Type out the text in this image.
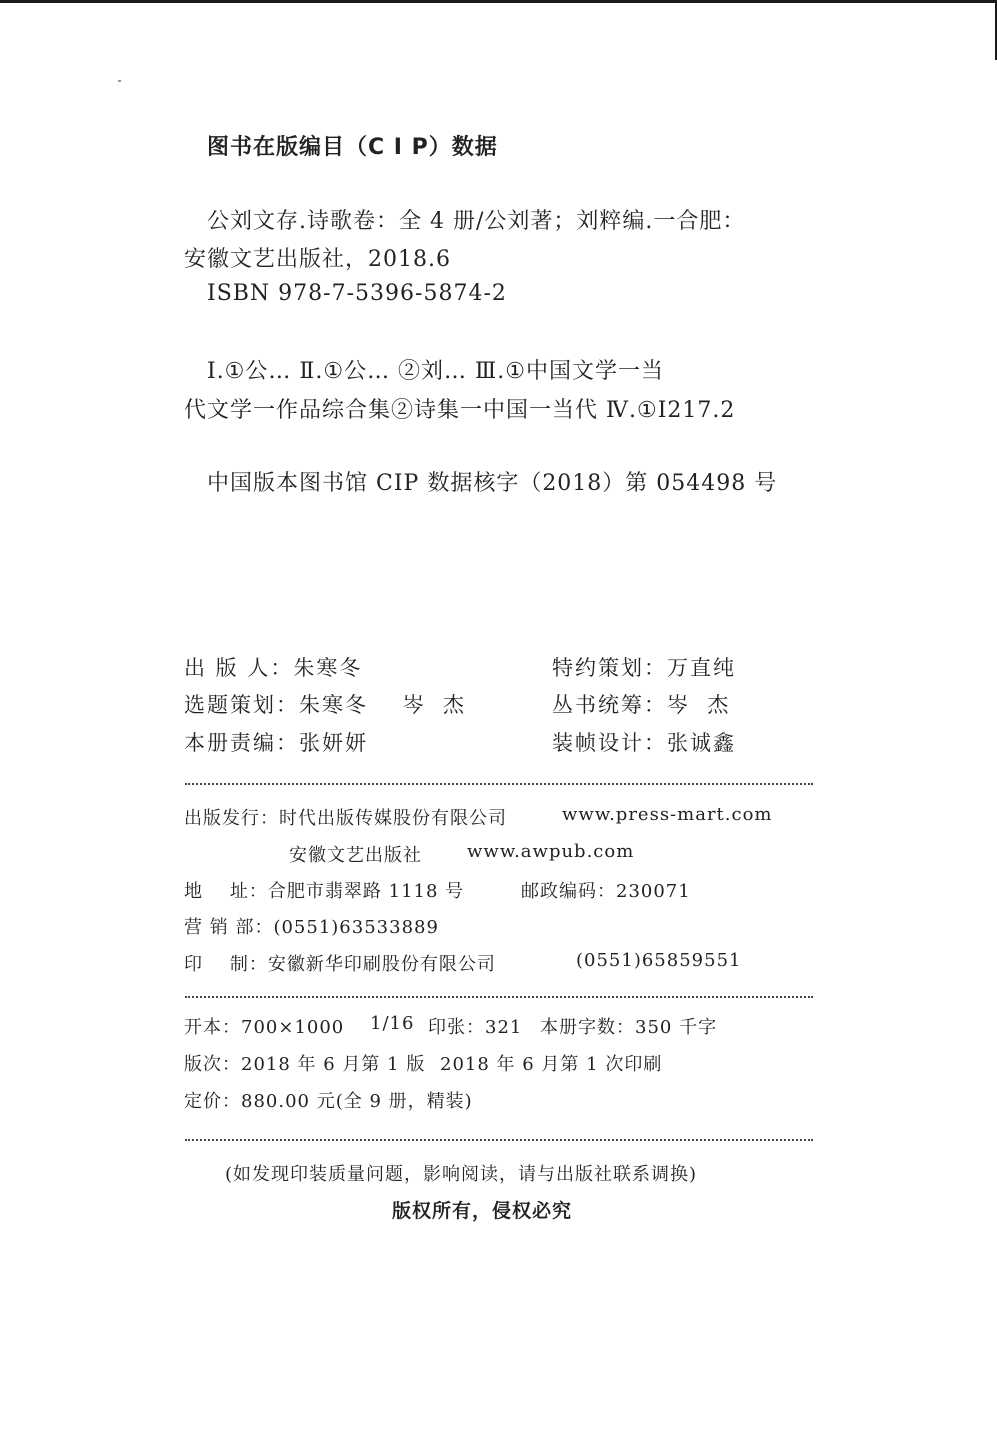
图书在版编目（C I P）数据
公刘文存.诗歌卷：全 4 册/公刘著；刘粹编.一合肥：
安徽文艺出版社，2018.6
ISBN 978-7-5396-5874-2
Ⅰ.①公… Ⅱ.①公… ②刘… Ⅲ.①中国文学一当
代文学一作品综合集②诗集一中国一当代 Ⅳ.①I217.2
中国版本图书馆 CIP 数据核字（2018）第 054498 号
出 版 人：朱寒冬	特约策划：万直纯
选题策划：朱寒冬    岑  杰	丛书统筹：岑  杰
本册责编：张妍妍	装帧设计：张诚鑫
出版发行：时代出版传媒股份有限公司	www.press-mart.com
安徽文艺出版社	www.awpub.com
地    址：合肥市翡翠路 1118 号	邮政编码：230071
营 销 部：(0551)63533889
印    制：安徽新华印刷股份有限公司	(0551)65859551
开本：700×1000 1/16 印张：321 本册字数：350 千字
版次：2018 年 6 月第 1 版 2018 年 6 月第 1 次印刷
定价：880.00 元(全 9 册，精装)
(如发现印装质量问题，影响阅读，请与出版社联系调换)
版权所有，侵权必究
